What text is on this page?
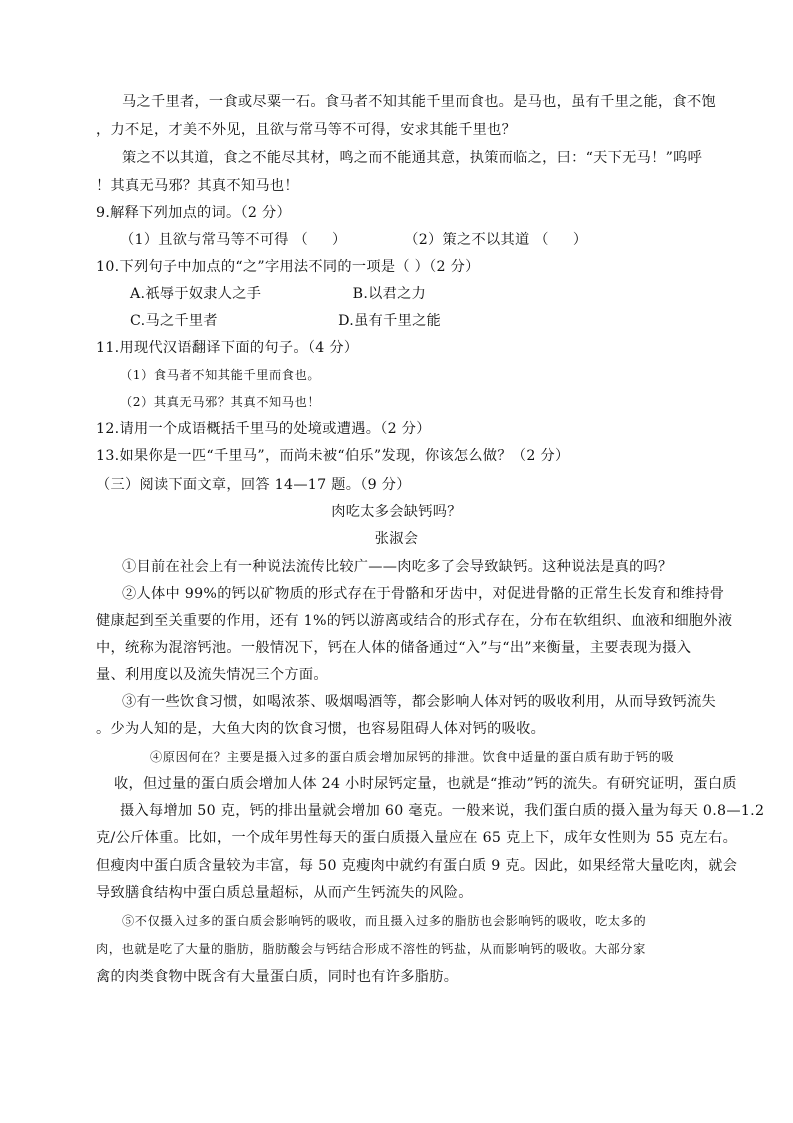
马之千里者，一食或尽粟一石。食马者不知其能千里而食也。是马也，虽有千里之能，食不饱
，力不足，才美不外见，且欲与常马等不可得，安求其能千里也？
策之不以其道，食之不能尽其材，鸣之而不能通其意，执策而临之，曰：“天下无马！”呜呼
！其真无马邪？其真不知马也！
9.解释下列加点的词。（2 分）
（1）且欲与常马等不可得 （     ）            （2）策之不以其道 （     ）
10.下列句子中加点的“之”字用法不同的一项是（ ）（2 分）
A.祇辱于奴隶人之手                   B.以君之力
C.马之千里者                         D.虽有千里之能
11.用现代汉语翻译下面的句子。（4 分）
（1）食马者不知其能千里而食也。
（2）其真无马邪？其真不知马也！
12.请用一个成语概括千里马的处境或遭遇。（2 分）
13.如果你是一匹“千里马”，而尚未被“伯乐”发现，你该怎么做？（2 分）
（三）阅读下面文章，回答 14—17 题。（9 分）
肉吃太多会缺钙吗？
张淑会
①目前在社会上有一种说法流传比较广——肉吃多了会导致缺钙。这种说法是真的吗？
②人体中 99%的钙以矿物质的形式存在于骨骼和牙齿中，对促进骨骼的正常生长发育和维持骨
健康起到至关重要的作用，还有 1%的钙以游离或结合的形式存在，分布在软组织、血液和细胞外液
中，统称为混溶钙池。一般情况下，钙在人体的储备通过“入”与“出”来衡量，主要表现为摄入
量、利用度以及流失情况三个方面。
③有一些饮食习惯，如喝浓茶、吸烟喝酒等，都会影响人体对钙的吸收利用，从而导致钙流失
。少为人知的是，大鱼大肉的饮食习惯，也容易阻碍人体对钙的吸收。
④原因何在？主要是摄入过多的蛋白质会增加尿钙的排泄。饮食中适量的蛋白质有助于钙的吸
收，但过量的蛋白质会增加人体 24 小时尿钙定量，也就是“推动”钙的流失。有研究证明，蛋白质
摄入每增加 50 克，钙的排出量就会增加 60 毫克。一般来说，我们蛋白质的摄入量为每天 0.8—1.2
克/公斤体重。比如，一个成年男性每天的蛋白质摄入量应在 65 克上下，成年女性则为 55 克左右。
但瘦肉中蛋白质含量较为丰富，每 50 克瘦肉中就约有蛋白质 9 克。因此，如果经常大量吃肉，就会
导致膳食结构中蛋白质总量超标，从而产生钙流失的风险。
⑤不仅摄入过多的蛋白质会影响钙的吸收，而且摄入过多的脂肪也会影响钙的吸收，吃太多的
肉，也就是吃了大量的脂肪，脂肪酸会与钙结合形成不溶性的钙盐，从而影响钙的吸收。大部分家
禽的肉类食物中既含有大量蛋白质，同时也有许多脂肪。
